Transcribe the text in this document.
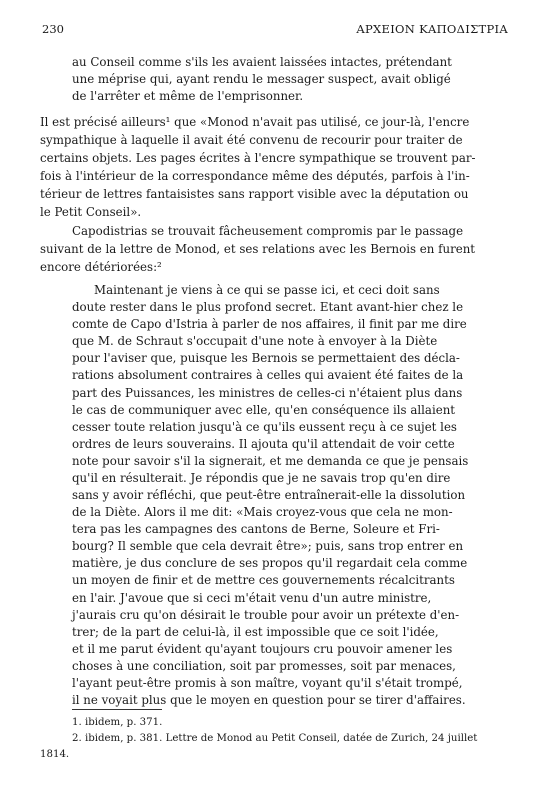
230	ΑΡΧΕΙΟΝ ΚΑΠΟΔΙΣΤΡΙΑ
au Conseil comme s'ils les avaient laissées intactes, prétendant
une méprise qui, ayant rendu le messager suspect, avait obligé
de l'arrêter et même de l'emprisonner.
Il est précisé ailleurs¹ que «Monod n'avait pas utilisé, ce jour-là, l'encre
sympathique à laquelle il avait été convenu de recourir pour traiter de
certains objets. Les pages écrites à l'encre sympathique se trouvent par-
fois à l'intérieur de la correspondance même des députés, parfois à l'in-
térieur de lettres fantaisistes sans rapport visible avec la députation ou
le Petit Conseil».
Capodistrias se trouvait fâcheusement compromis par le passage
suivant de la lettre de Monod, et ses relations avec les Bernois en furent
encore détériorées:²
Maintenant je viens à ce qui se passe ici, et ceci doit sans
doute rester dans le plus profond secret. Etant avant-hier chez le
comte de Capo d'Istria à parler de nos affaires, il finit par me dire
que M. de Schraut s'occupait d'une note à envoyer à la Diète
pour l'aviser que, puisque les Bernois se permettaient des décla-
rations absolument contraires à celles qui avaient été faites de la
part des Puissances, les ministres de celles-ci n'étaient plus dans
le cas de communiquer avec elle, qu'en conséquence ils allaient
cesser toute relation jusqu'à ce qu'ils eussent reçu à ce sujet les
ordres de leurs souverains. Il ajouta qu'il attendait de voir cette
note pour savoir s'il la signerait, et me demanda ce que je pensais
qu'il en résulterait. Je répondis que je ne savais trop qu'en dire
sans y avoir réfléchi, que peut-être entraînerait-elle la dissolution
de la Diète. Alors il me dit: «Mais croyez-vous que cela ne mon-
tera pas les campagnes des cantons de Berne, Soleure et Fri-
bourg? Il semble que cela devrait être»; puis, sans trop entrer en
matière, je dus conclure de ses propos qu'il regardait cela comme
un moyen de finir et de mettre ces gouvernements récalcitrants
en l'air. J'avoue que si ceci m'était venu d'un autre ministre,
j'aurais cru qu'on désirait le trouble pour avoir un prétexte d'en-
trer; de la part de celui-là, il est impossible que ce soit l'idée,
et il me parut évident qu'ayant toujours cru pouvoir amener les
choses à une conciliation, soit par promesses, soit par menaces,
l'ayant peut-être promis à son maître, voyant qu'il s'était trompé,
il ne voyait plus que le moyen en question pour se tirer d'affaires.
1. ibidem, p. 371.
2. ibidem, p. 381. Lettre de Monod au Petit Conseil, datée de Zurich, 24 juillet
1814.
